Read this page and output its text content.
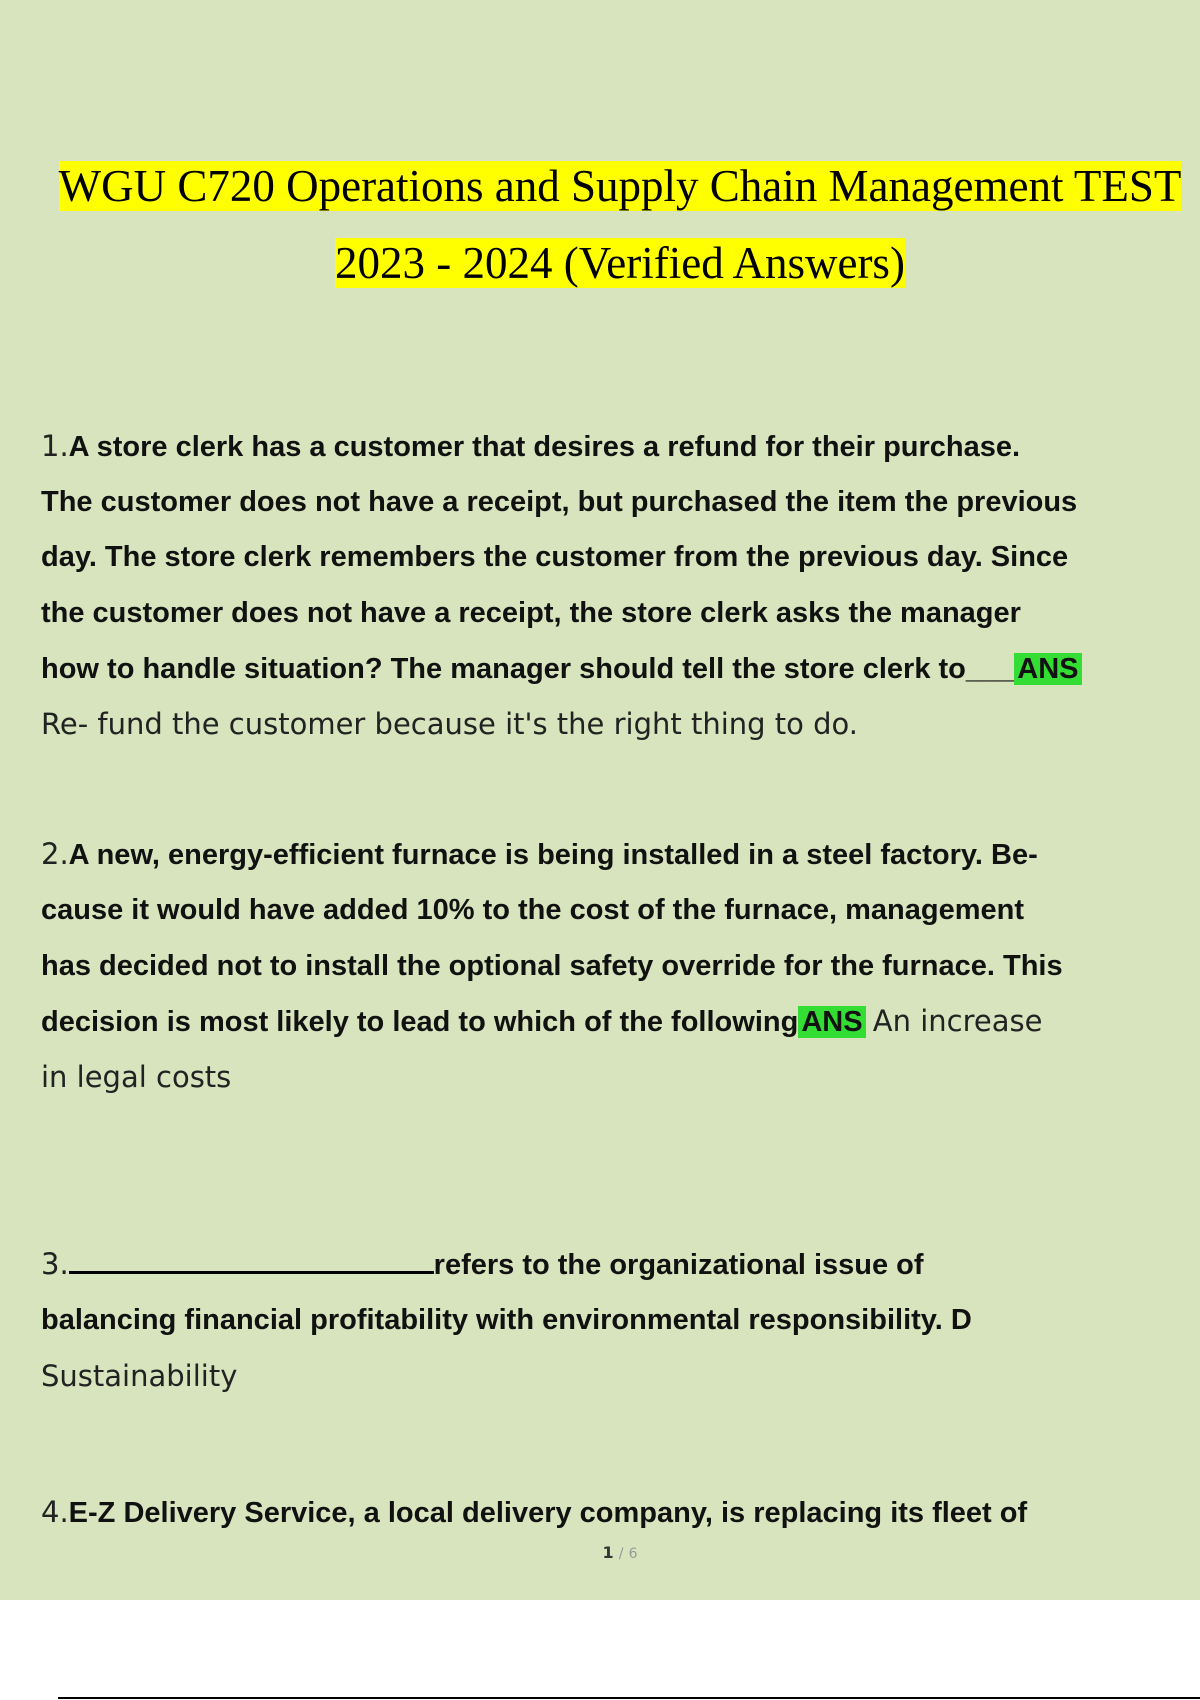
WGU C720 Operations and Supply Chain Management TEST
2023 - 2024 (Verified Answers)
1.A store clerk has a customer that desires a refund for their purchase.
The customer does not have a receipt, but purchased the item the previous
day. The store clerk remembers the customer from the previous day. Since
the customer does not have a receipt, the store clerk asks the manager
how to handle situation? The manager should tell the store clerk to___ ANS
Re- fund the customer because it's the right thing to do.
2.A new, energy-efficient furnace is being installed in a steel factory. Be-
cause it would have added 10% to the cost of the furnace, management
has decided not to install the optional safety override for the furnace. This
decision is most likely to lead to which of the following ANS An increase
in legal costs
3.	refers to the organizational issue of
balancing financial profitability with environmental responsibility. D
Sustainability
4.E-Z Delivery Service, a local delivery company, is replacing its fleet of
1 / 6
